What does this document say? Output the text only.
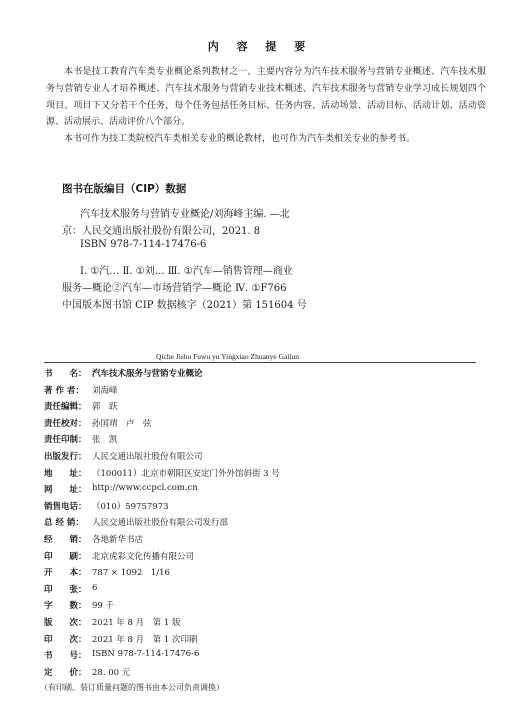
内 容 提 要

本书是技工教育汽车类专业概论系列教材之一，主要内容分为汽车技术服务与营销专业概述、汽车技术服务与营销专业人才培养概述、汽车技术服务与营销专业技术概述、汽车技术服务与营销专业学习成长规划四个项目。项目下又分若干个任务，每个任务包括任务目标、任务内容、活动场景、活动目标、活动计划、活动资源、活动展示、活动评价八个部分。

本书可作为技工类院校汽车类相关专业的概论教材，也可作为汽车类相关专业的参考书。

图书在版编目（CIP）数据
汽车技术服务与营销专业概论/刘海峰主编. —北
京：人民交通出版社股份有限公司，2021. 8
ISBN 978-7-114-17476-6
Ⅰ. ①汽… Ⅱ. ①刘… Ⅲ. ①汽车—销售管理—商业
服务—概论②汽车—市场营销学—概论 Ⅳ. ①F766
中国版本图书馆 CIP 数据核字（2021）第 151604 号
Qiche Jishu Fuwu yu Yingxiao Zhuanye Gailun
书　　名： 汽车技术服务与营销专业概论
著 作 者： 刘海峰
责任编辑： 郭　跃
责任校对： 孙国靖　卢　弦
责任印制： 张　凯
出版发行： 人民交通出版社股份有限公司
地　　址： （100011）北京市朝阳区安定门外外馆斜街 3 号
网　　址： http://www.ccpcl.com.cn
销售电话： （010）59757973
总 经 销： 人民交通出版社股份有限公司发行部
经　　销： 各地新华书店
印　　刷： 北京虎彩文化传播有限公司
开　　本： 787 × 1092　1/16
印　　张： 6
字　　数： 99 千
版　　次： 2021 年 8 月　第 1 版
印　　次： 2021 年 8 月　第 1 次印刷
书　　号： ISBN 978-7-114-17476-6
（有印刷、装订质量问题的图书由本公司负责调换）
定　　价： 28. 00 元
